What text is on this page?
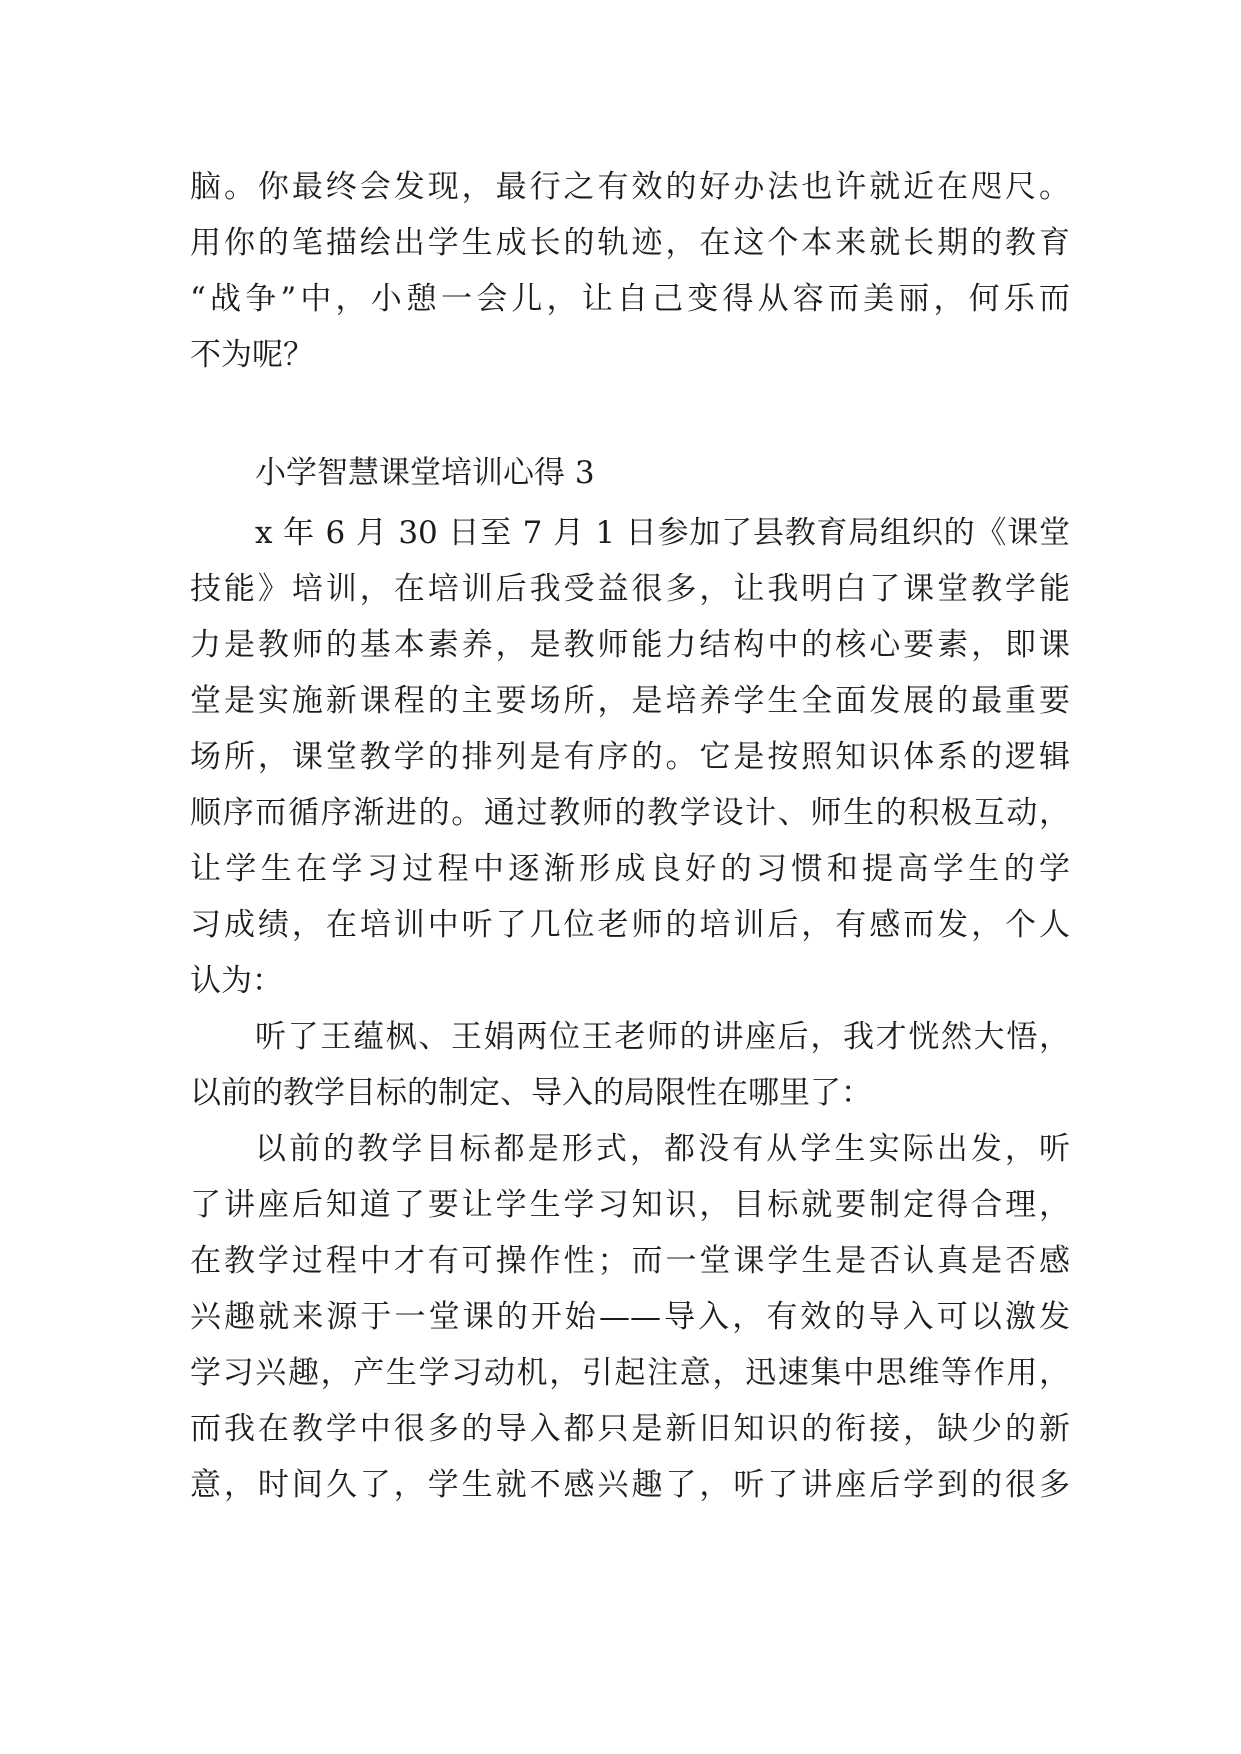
脑。你最终会发现，最行之有效的好办法也许就近在咫尺。
用你的笔描绘出学生成长的轨迹，在这个本来就长期的教育
“战争”中，小憩一会儿，让自己变得从容而美丽，何乐而
不为呢？
小学智慧课堂培训心得 3
x 年 6 月 30 日至 7 月 1 日参加了县教育局组织的《课堂
技能》培训，在培训后我受益很多，让我明白了课堂教学能
力是教师的基本素养，是教师能力结构中的核心要素，即课
堂是实施新课程的主要场所，是培养学生全面发展的最重要
场所，课堂教学的排列是有序的。它是按照知识体系的逻辑
顺序而循序渐进的。通过教师的教学设计、师生的积极互动，
让学生在学习过程中逐渐形成良好的习惯和提高学生的学
习成绩，在培训中听了几位老师的培训后，有感而发，个人
认为：
听了王蕴枫、王娟两位王老师的讲座后，我才恍然大悟，
以前的教学目标的制定、导入的局限性在哪里了：
以前的教学目标都是形式，都没有从学生实际出发，听
了讲座后知道了要让学生学习知识，目标就要制定得合理，
在教学过程中才有可操作性；而一堂课学生是否认真是否感
兴趣就来源于一堂课的开始——导入，有效的导入可以激发
学习兴趣，产生学习动机，引起注意，迅速集中思维等作用，
而我在教学中很多的导入都只是新旧知识的衔接，缺少的新
意，时间久了，学生就不感兴趣了，听了讲座后学到的很多
